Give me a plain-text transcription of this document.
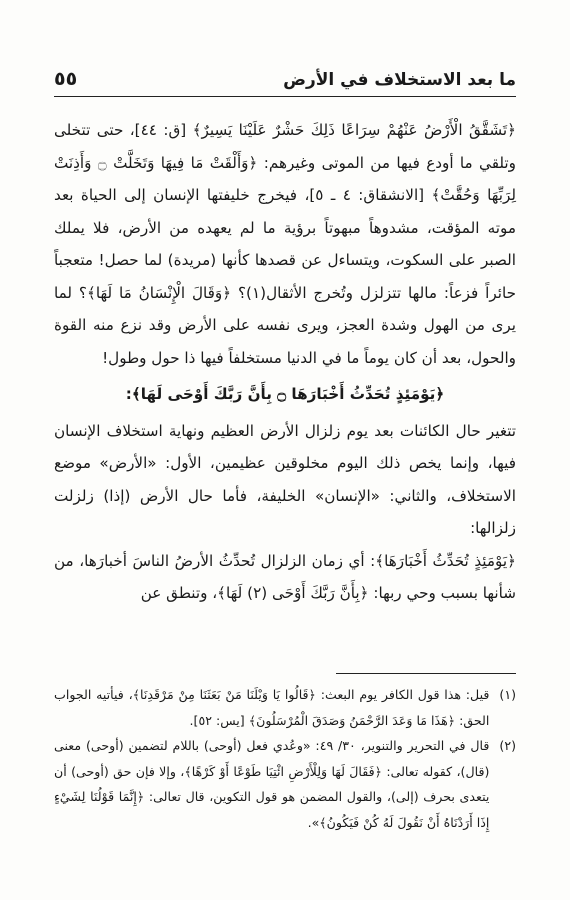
ما بعد الاستخلاف في الأرض
٥٥

﴿تَشَقَّقُ الْأَرْضُ عَنْهُمْ سِرَاعًا ذَلِكَ حَشْرٌ عَلَيْنَا يَسِيرٌ﴾ [ق: ٤٤]، حتى تتخلى وتلقي ما أودع فيها من الموتى وغيرهم: ﴿وَأَلْقَتْ مَا فِيهَا وَتَخَلَّتْ ۝ وَأَذِنَتْ لِرَبِّهَا وَحُقَّتْ﴾ [الانشقاق: ٤ ـ ٥]، فيخرج خليفتها الإنسان إلى الحياة بعد موته المؤقت، مشدوهاً مبهوتاً برؤية ما لم يعهده من الأرض، فلا يملك الصبر على السكوت، ويتساءل عن قصدها كأنها (مريدة) لما حصل! متعجباً حائراً فزعاً: مالها تتزلزل وتُخرج الأثقال(١)؟ ﴿وَقَالَ الْإِنْسَانُ مَا لَهَا﴾؟ لما يرى من الهول وشدة العجز، ويرى نفسه على الأرض وقد نزع منه القوة والحول، بعد أن كان يوماً ما في الدنيا مستخلفاً فيها ذا حول وطول!

﴿يَوْمَئِذٍ تُحَدِّثُ أَخْبَارَهَا ۝ بِأَنَّ رَبَّكَ أَوْحَى لَهَا﴾:

تتغير حال الكائنات بعد يوم زلزال الأرض العظيم ونهاية استخلاف الإنسان فيها، وإنما يخص ذلك اليوم مخلوقين عظيمين، الأول: «الأرض» موضع الاستخلاف، والثاني: «الإنسان» الخليفة، فأما حال الأرض (إذا) زلزلت زلزالها:

﴿يَوْمَئِذٍ تُحَدِّثُ أَخْبَارَهَا﴾: أي زمان الزلزال تُحدِّثُ الأرضُ الناسَ أخبارَها، من شأنها بسبب وحي ربها: ﴿بِأَنَّ رَبَّكَ أَوْحَى (٢) لَهَا﴾، وتنطق عن

(١)
قيل: هذا قول الكافر يوم البعث: ﴿قَالُوا يَا وَيْلَنَا مَنْ بَعَثَنَا مِنْ مَرْقَدِنَا﴾، فيأتيه الجواب الحق: ﴿هَذَا مَا وَعَدَ الرَّحْمَنُ وَصَدَقَ الْمُرْسَلُونَ﴾ [يس: ٥٢].
(٢)
قال في التحرير والتنوير، ٣٠/ ٤٩: «وعُدي فعل (أوحى) باللام لتضمين (أوحى) معنى (قال)، كقوله تعالى: ﴿فَقَالَ لَهَا وَلِلْأَرْضِ ائْتِيَا طَوْعًا أَوْ كَرْهًا﴾، وإلا فإن حق (أوحى) أن يتعدى بحرف (إلى)، والقول المضمن هو قول التكوين، قال تعالى: ﴿إِنَّمَا قَوْلُنَا لِشَيْءٍ إِذَا أَرَدْنَاهُ أَنْ نَقُولَ لَهُ كُنْ فَيَكُونُ﴾».
